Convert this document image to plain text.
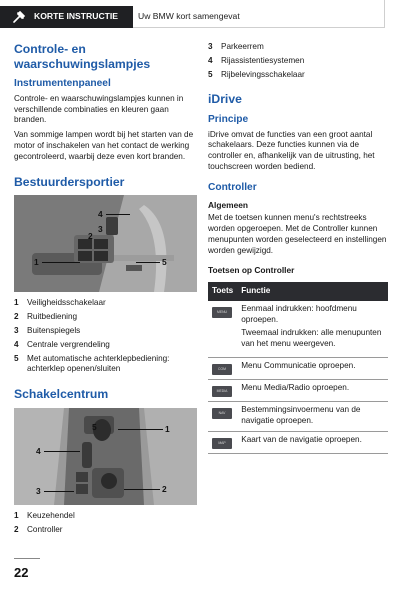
KORTE INSTRUCTIE Uw BMW kort samengevat
Controle- en waarschuwingslampjes
Instrumentenpaneel

Controle- en waarschuwingslampjes kunnen in verschillende combinaties en kleuren gaan branden.

Van sommige lampen wordt bij het starten van de motor of inschakelen van het contact de werking gecontroleerd, waarbij deze even kort branden.

Bestuurdersportier
4
3
2
1	5
1	Veiligheidsschakelaar
2	Ruitbediening
3	Buitenspiegels
4	Centrale vergrendeling
5	Met automatische achterklepbediening: achterklep openen/sluiten
Schakelcentrum
5	1
4
3	2
1	Keuzehendel
2	Controller
3	Parkeerrem
4	Rijassistentiesystemen
5	Rijbelevingsschakelaar
iDrive
Principe

iDrive omvat de functies van een groot aantal schakelaars. Deze functies kunnen via de controller en, afhankelijk van de uitrusting, het touchscreen worden bediend.

Controller
Algemeen

Met de toetsen kunnen menu's rechtstreeks worden opgeroepen. Met de Controller kunnen menupunten worden geselecteerd en instellingen worden gewijzigd.

Toetsen op Controller
Toets	Functie

MENU	Eenmaal indrukken: hoofdmenu oproepen.

Tweemaal indrukken: alle menupunten van het menu weergeven.

COM	Menu Communicatie oproepen.

MEDIA	Menu Media/Radio oproepen.

NAV	Bestemmingsinvoermenu van de navigatie oproepen.

MAP	Kaart van de navigatie oproepen.

22
